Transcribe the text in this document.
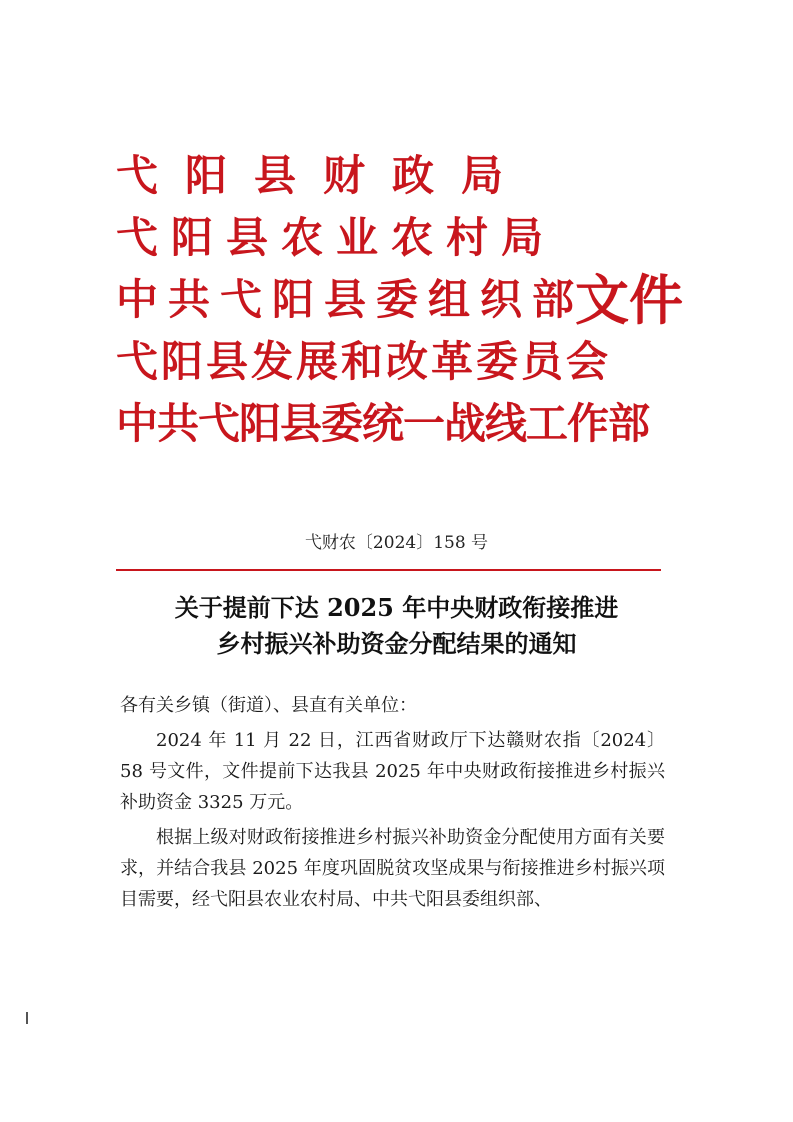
弋阳县财政局
弋阳县农业农村局
中共弋阳县委组织部
弋阳县发展和改革委员会
中共弋阳县委统一战线工作部
文件
弋财农〔2024〕158 号
关于提前下达 2025 年中央财政衔接推进
乡村振兴补助资金分配结果的通知

各有关乡镇（街道）、县直有关单位：

2024 年 11 月 22 日，江西省财政厅下达赣财农指〔2024〕58 号文件，文件提前下达我县 2025 年中央财政衔接推进乡村振兴补助资金 3325 万元。

根据上级对财政衔接推进乡村振兴补助资金分配使用方面有关要求，并结合我县 2025 年度巩固脱贫攻坚成果与衔接推进乡村振兴项目需要，经弋阳县农业农村局、中共弋阳县委组织部、
